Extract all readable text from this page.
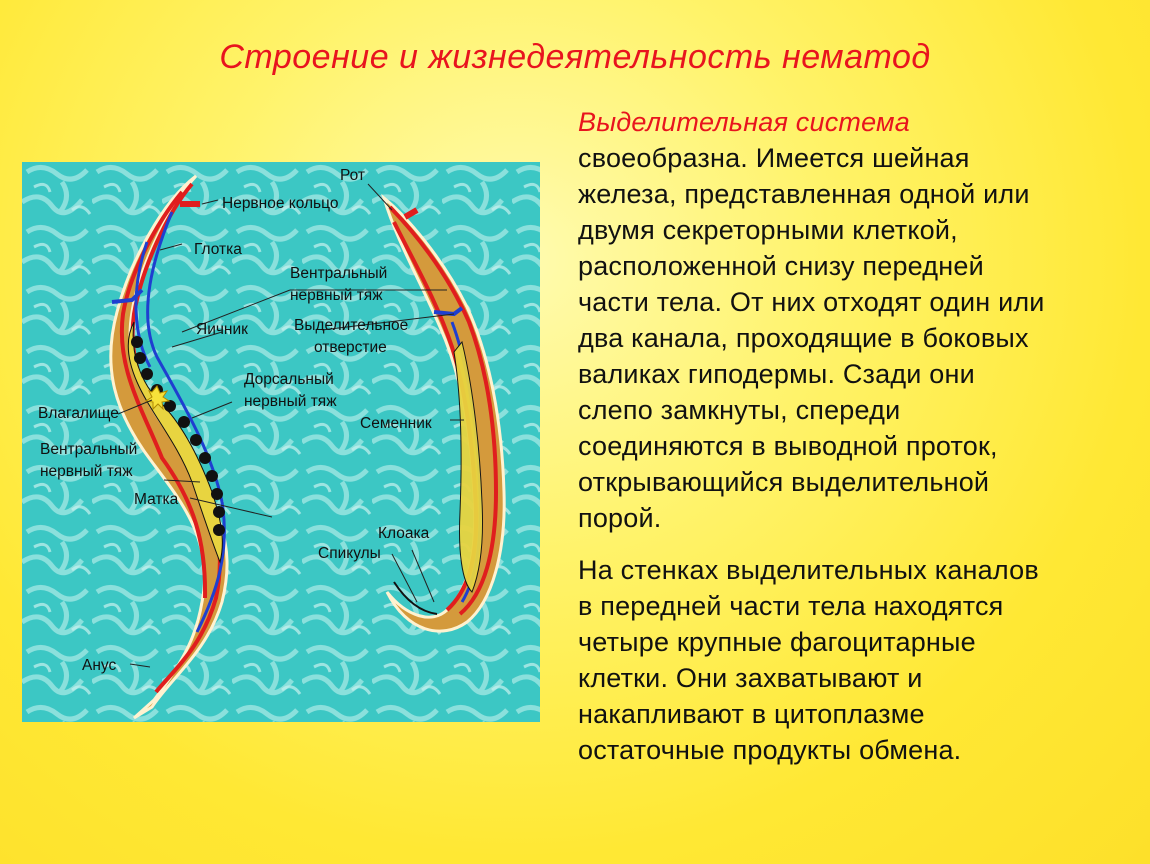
Строение и жизнедеятельность нематод
Рот
Нервное кольцо
Глотка
Вентральный
нервный тяж
Яичник	Выделительное
отверстие
Дорсальный
нервный тяж
Влагалище
Семенник
Вентральный
нервный тяж
Матка
Клоака
Спикулы
Анус

Выделительная система
своеобразна. Имеется шейная
железа, представленная одной или
двумя секреторными клеткой,
расположенной снизу передней
части тела. От них отходят один или
два канала, проходящие в боковых
валиках гиподермы. Сзади они
слепо замкнуты, спереди
соединяются в выводной проток,
открывающийся выделительной
порой.

На стенках выделительных каналов
в передней части тела находятся
четыре крупные фагоцитарные
клетки. Они захватывают и
накапливают в цитоплазме
остаточные продукты обмена.
